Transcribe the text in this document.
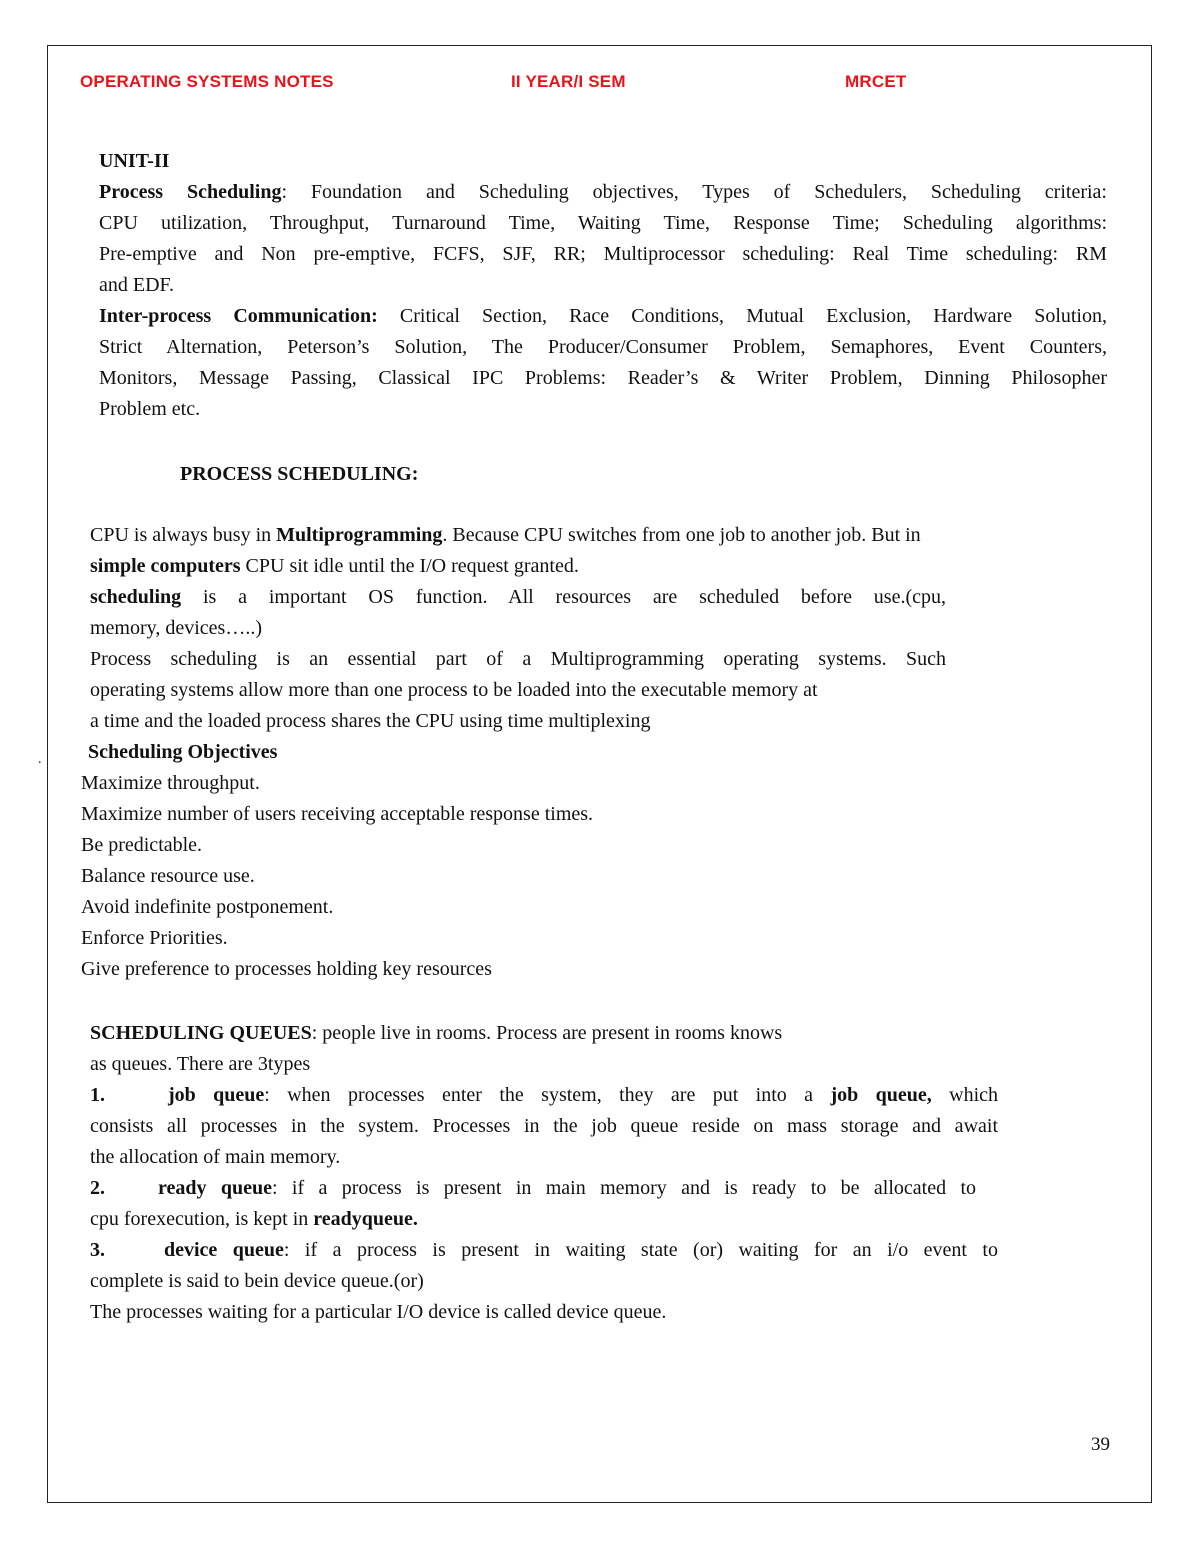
OPERATING SYSTEMS NOTES	II YEAR/I SEM	MRCET
UNIT-II
Process Scheduling: Foundation and Scheduling objectives, Types of Schedulers, Scheduling criteria:
CPU utilization, Throughput, Turnaround Time, Waiting Time, Response Time; Scheduling algorithms:
Pre-emptive and Non pre-emptive, FCFS, SJF, RR; Multiprocessor scheduling: Real Time scheduling: RM
and EDF.
Inter-process Communication: Critical Section, Race Conditions, Mutual Exclusion, Hardware Solution,
Strict Alternation, Peterson’s Solution, The Producer/Consumer Problem, Semaphores, Event Counters,
Monitors, Message Passing, Classical IPC Problems: Reader’s & Writer Problem, Dinning Philosopher
Problem etc.
PROCESS SCHEDULING:
CPU is always busy in Multiprogramming. Because CPU switches from one job to another job. But in
simple computers CPU sit idle until the I/O request granted.
scheduling is a important OS function. All resources are scheduled before use.(cpu,
memory, devices…..)
Process scheduling is an essential part of a Multiprogramming operating systems. Such
operating systems allow more than one process to be loaded into the executable memory at
a time and the loaded process shares the CPU using time multiplexing
. Scheduling Objectives
Maximize throughput.
Maximize number of users receiving acceptable response times.
Be predictable.
Balance resource use.
Avoid indefinite postponement.
Enforce Priorities.
Give preference to processes holding key resources
SCHEDULING QUEUES: people live in rooms. Process are present in rooms knows
as queues. There are 3types
1.	job queue: when processes enter the system, they are put into a job queue, which
consists all processes in the system. Processes in the job queue reside on mass storage and await
the allocation of main memory.
2.	ready queue: if a process is present in main memory and is ready to be allocated to
cpu forexecution, is kept in readyqueue.
3.	device queue: if a process is present in waiting state (or) waiting for an i/o event to
complete is said to bein device queue.(or)
The processes waiting for a particular I/O device is called device queue.
39
